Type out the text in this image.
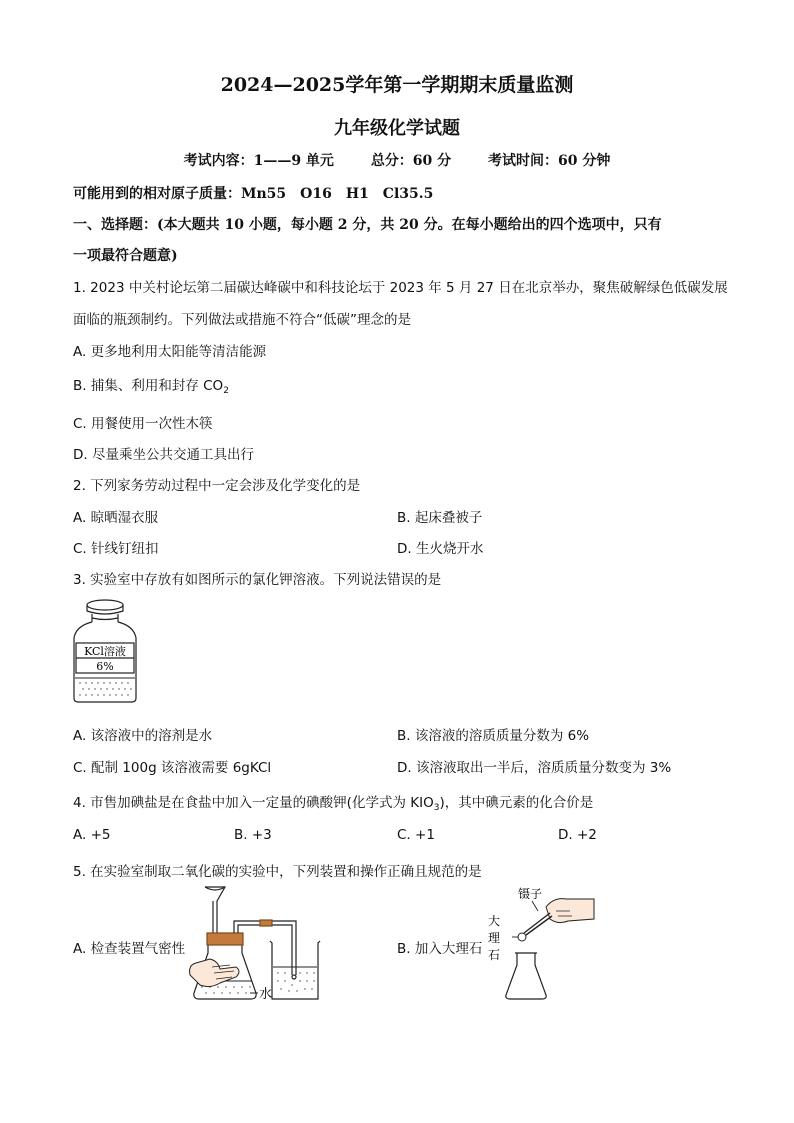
2024—2025学年第一学期期末质量监测
九年级化学试题
考试内容：1——9 单元	总分：60 分	考试时间：60 分钟
可能用到的相对原子质量：Mn55　O16　H1　Cl35.5
一、选择题：(本大题共 10 小题，每小题 2 分，共 20 分。在每小题给出的四个选项中，只有
一项最符合题意)
1. 2023 中关村论坛第二届碳达峰碳中和科技论坛于 2023 年 5 月 27 日在北京举办，聚焦破解绿色低碳发展
面临的瓶颈制约。下列做法或措施不符合“低碳”理念的是
A. 更多地利用太阳能等清洁能源
B. 捕集、利用和封存 $CO_2$
C. 用餐使用一次性木筷
D. 尽量乘坐公共交通工具出行
2. 下列家务劳动过程中一定会涉及化学变化的是
A. 晾晒湿衣服	B. 起床叠被子
C. 针线钉纽扣	D. 生火烧开水
3. 实验室中存放有如图所示的氯化钾溶液。下列说法错误的是
KCl溶液
6%
A. 该溶液中的溶剂是水	B. 该溶液的溶质质量分数为 6%
C. 配制 100g 该溶液需要 6gKCl	D. 该溶液取出一半后，溶质质量分数变为 3%
4. 市售加碘盐是在食盐中加入一定量的碘酸钾(化学式为 $KIO_3$)，其中碘元素的化合价是
A. +5	B. +3	C. +1	D. +2
5. 在实验室制取二氧化碳的实验中，下列装置和操作正确且规范的是
A. 检查装置气密性
水
B. 加入大理石
镊子
大
理
石
